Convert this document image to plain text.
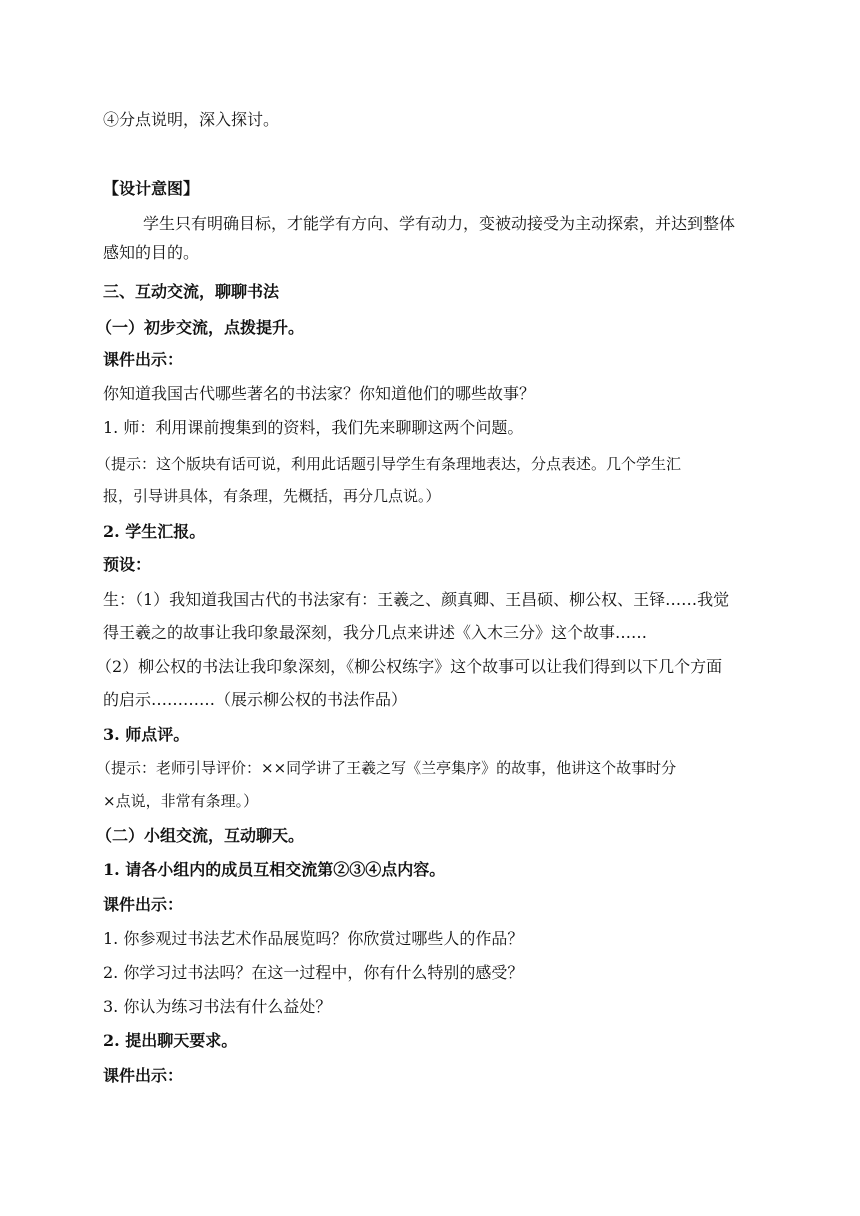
④分点说明，深入探讨。
【设计意图】
学生只有明确目标，才能学有方向、学有动力，变被动接受为主动探索，并达到整体
感知的目的。
三、互动交流，聊聊书法
（一）初步交流，点拨提升。
课件出示：
你知道我国古代哪些著名的书法家？你知道他们的哪些故事？
1. 师：利用课前搜集到的资料，我们先来聊聊这两个问题。
（提示：这个版块有话可说，利用此话题引导学生有条理地表达，分点表述。几个学生汇
报，引导讲具体，有条理，先概括，再分几点说。）
2. 学生汇报。
预设：
生：（1）我知道我国古代的书法家有：王羲之、颜真卿、王昌硕、柳公权、王铎……我觉
得王羲之的故事让我印象最深刻，我分几点来讲述《入木三分》这个故事……
（2）柳公权的书法让我印象深刻，《柳公权练字》这个故事可以让我们得到以下几个方面
的启示…………（展示柳公权的书法作品）
3. 师点评。
（提示：老师引导评价：××同学讲了王羲之写《兰亭集序》的故事，他讲这个故事时分
×点说，非常有条理。）
（二）小组交流，互动聊天。
1. 请各小组内的成员互相交流第②③④点内容。
课件出示：
1. 你参观过书法艺术作品展览吗？你欣赏过哪些人的作品？
2. 你学习过书法吗？在这一过程中，你有什么特别的感受？
3. 你认为练习书法有什么益处？
2. 提出聊天要求。
课件出示：
